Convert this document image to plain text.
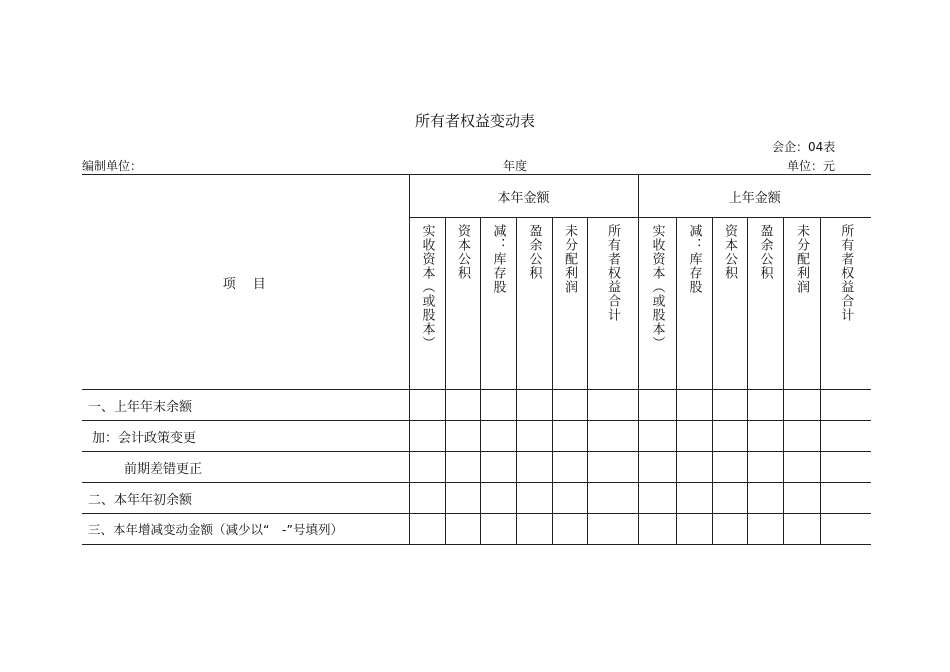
所有者权益变动表
会企：04表
编制单位：	年度	单位：元
项　目	本年金额						上年金额					
	实收资本（或股本）	资本公积	减：库存股	盈余公积	未分配利润	所有者权益合计	实收资本（或股本）	减：库存股	资本公积	盈余公积	未分配利润	所有者权益合计
一、上年年末余额												
加：会计政策变更												
前期差错更正												
二、本年年初余额												
三、本年增减变动金额（减少以“　-”号填列）												
